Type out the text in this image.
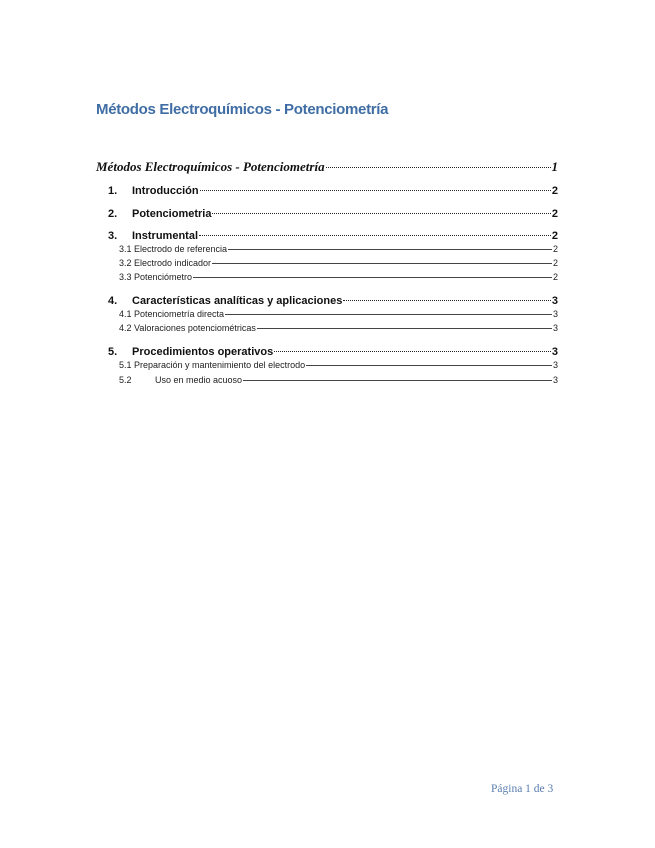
Métodos Electroquímicos - Potenciometría
Métodos Electroquímicos - Potenciometría	1
1.	Introducción	2
2.	Potenciometria	2
3.	Instrumental	2
3.1 Electrodo de referencia	2
3.2 Electrodo indicador	2
3.3 Potenciómetro	2
4.	Características analíticas y aplicaciones	3
4.1 Potenciometría directa	3
4.2 Valoraciones potenciométricas	3
5.	Procedimientos operativos	3
5.1 Preparación y mantenimiento del electrodo	3
5.2	Uso en medio acuoso	3
Página 1 de 3
